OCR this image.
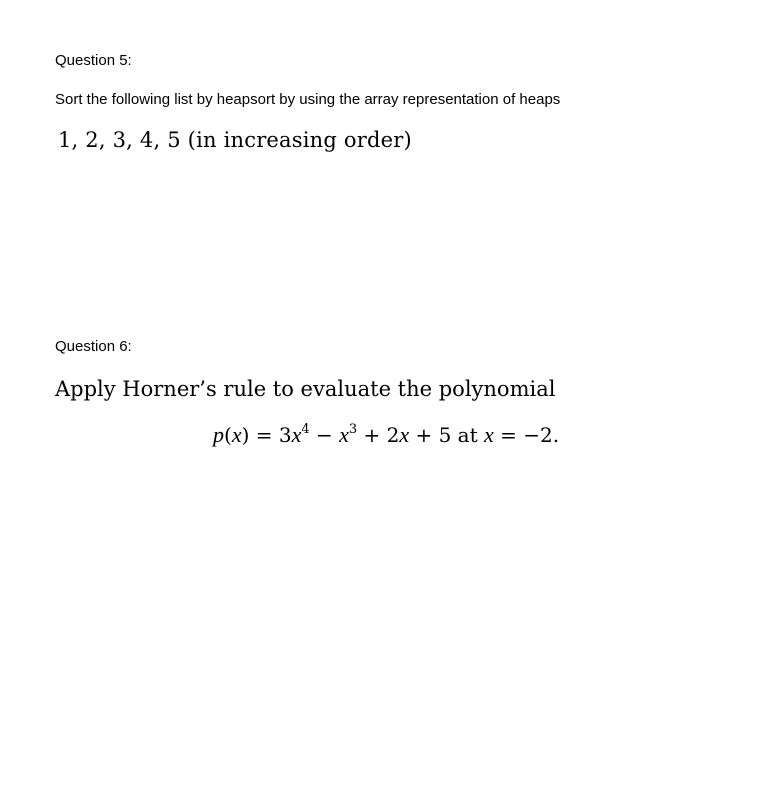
Question 5:
Sort the following list by heapsort by using the array representation of heaps
1, 2, 3, 4, 5 (in increasing order)
Question 6:
Apply Horner’s rule to evaluate the polynomial
$p(x) = 3x^4 - x^3 + 2x + 5$ at x = −2.
